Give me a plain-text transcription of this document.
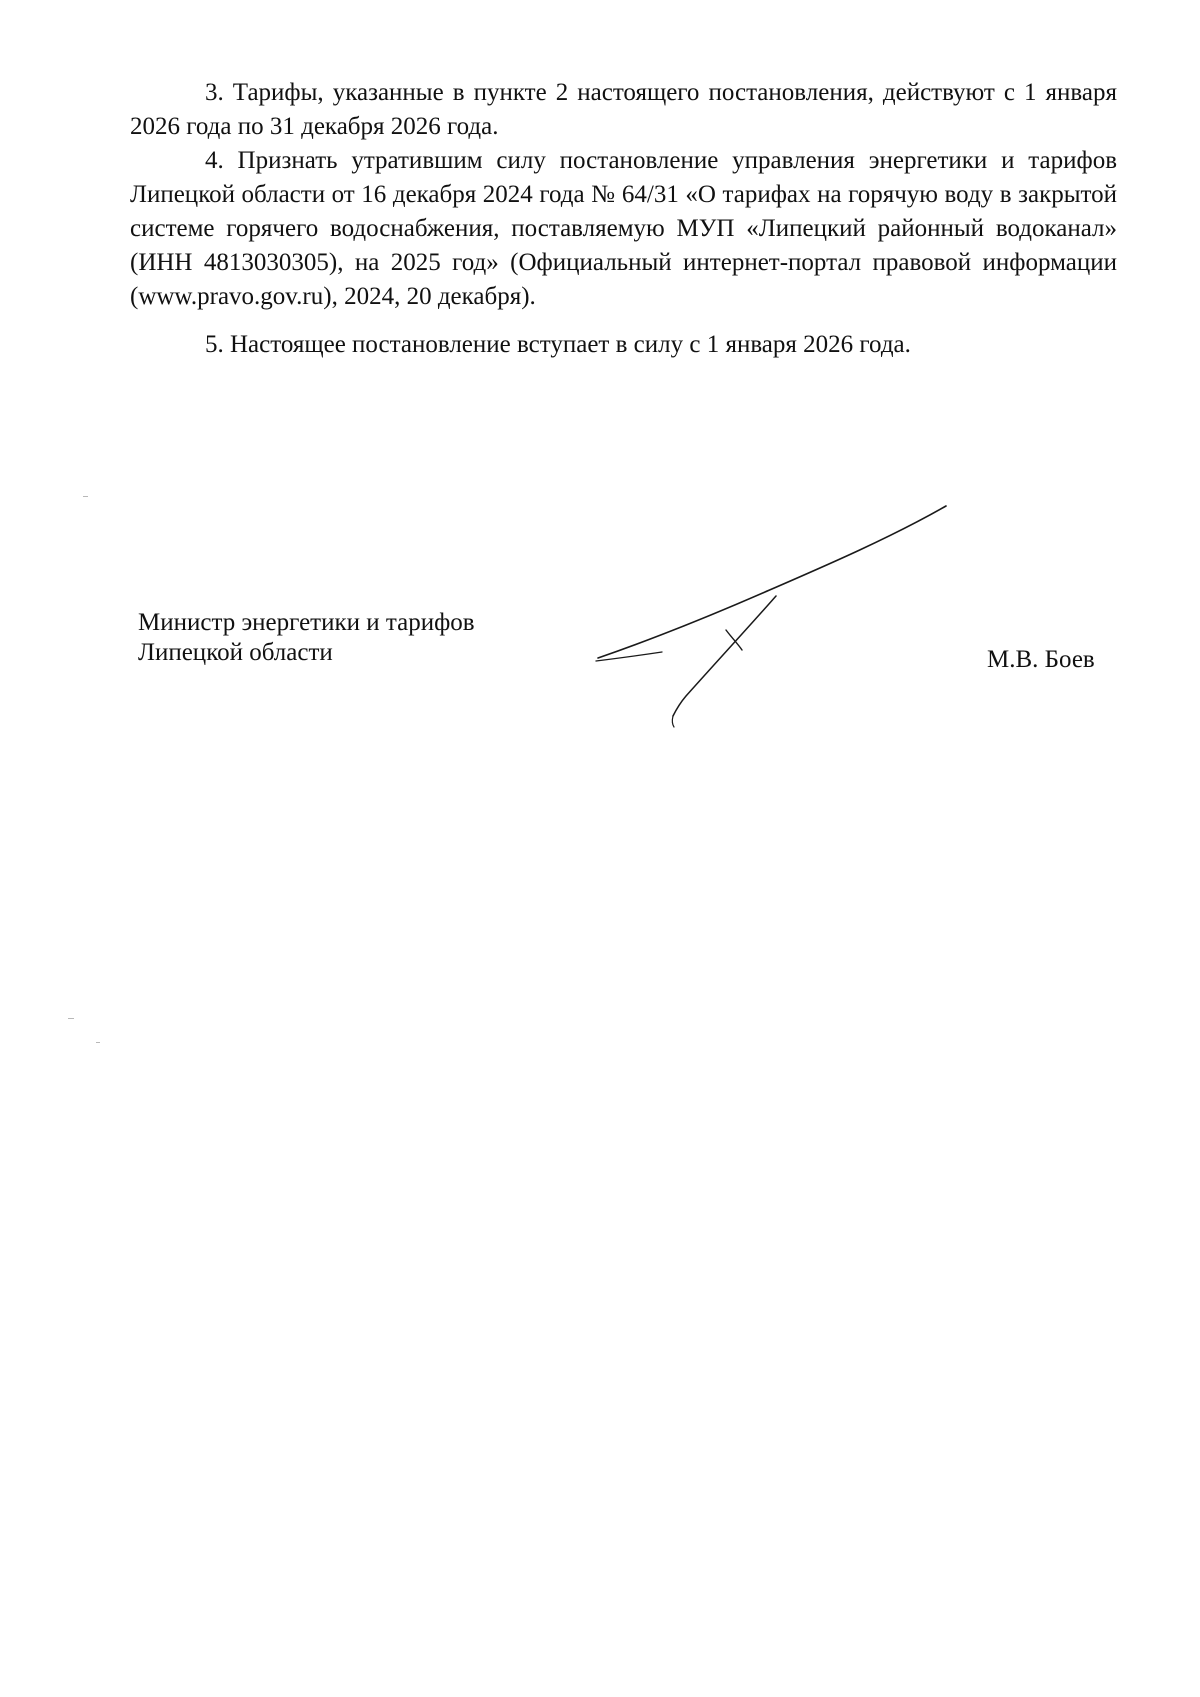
3. Тарифы, указанные в пункте 2 настоящего постановления, действуют с 1 января 2026 года по 31 декабря 2026 года.

4. Признать утратившим силу постановление управления энергетики и тарифов Липецкой области от 16 декабря 2024 года № 64/31 «О тарифах на горячую воду в закрытой системе горячего водоснабжения, поставляемую МУП «Липецкий районный водоканал» (ИНН 4813030305), на 2025 год» (Официальный интернет-портал правовой информации (www.pravo.gov.ru), 2024, 20 декабря).

5. Настоящее постановление вступает в силу с 1 января 2026 года.

Министр энергетики и тарифов
Липецкой области	М.В. Боев
